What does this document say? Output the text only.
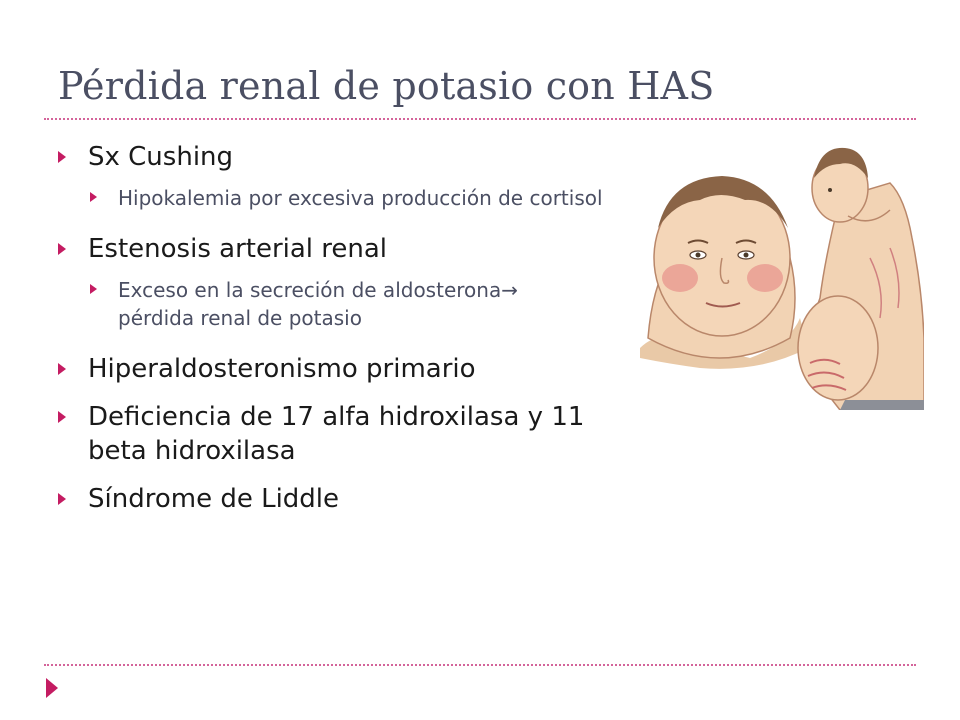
Pérdida renal de potasio con HAS
Sx Cushing
Hipokalemia por excesiva producción de cortisol
Estenosis arterial renal
Exceso en la secreción de aldosterona→
pérdida renal de potasio
Hiperaldosteronismo primario
Deficiencia de 17 alfa hidroxilasa y 11 beta hidroxilasa
Síndrome de Liddle
